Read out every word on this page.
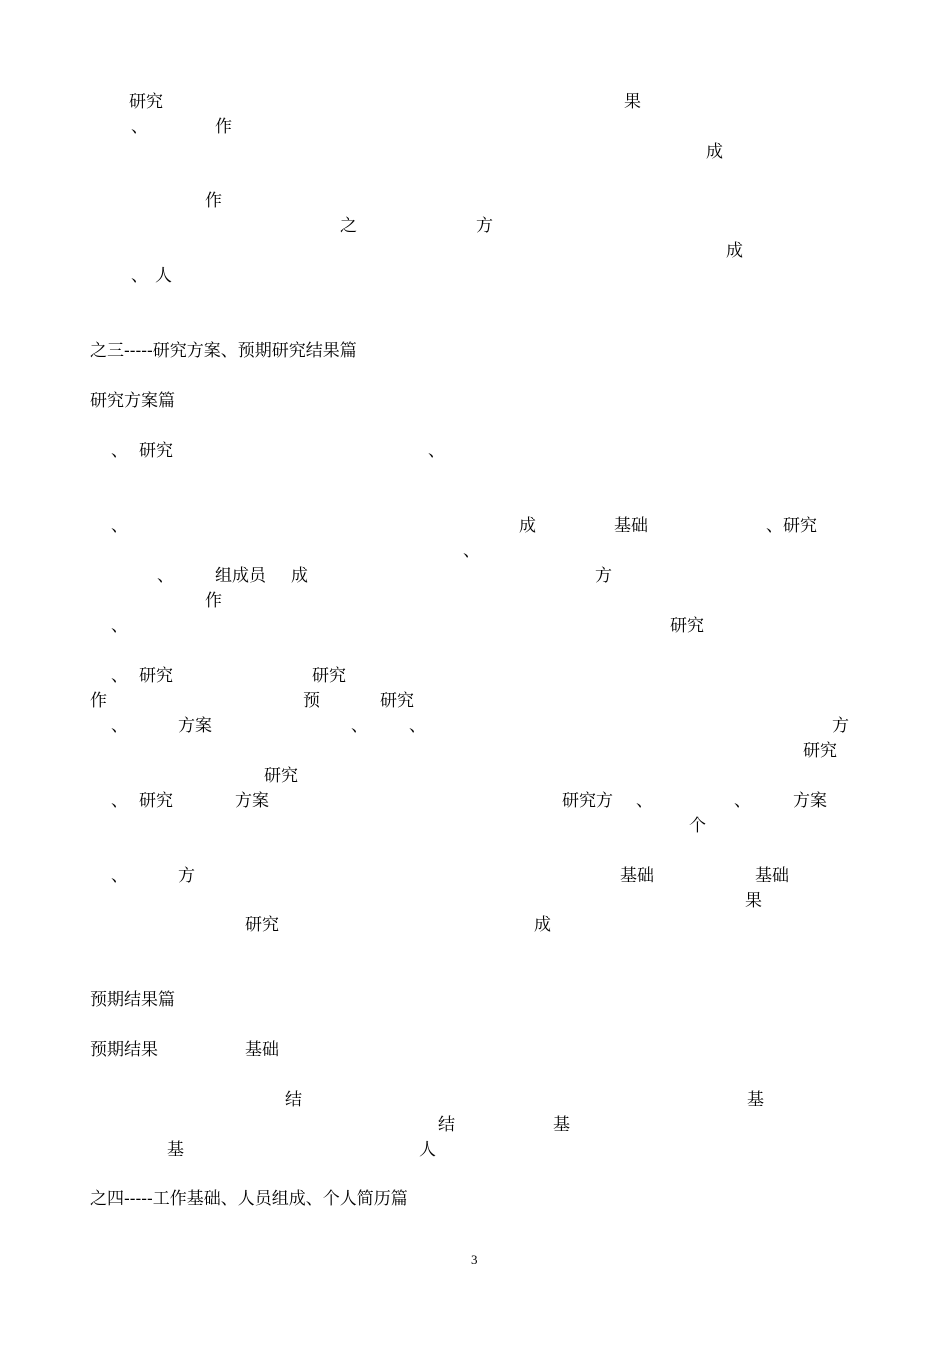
研究	果
、	作
成
作
之	方
成
、 人
之三-----研究方案、预期研究结果篇
研究方案篇
、 研究	、
、	成	基础	、研究
、
、 组成员 成	方
作
、	研究
、 研究	研究
作	预	研究
、	方案	、 、	方
研究
研究
、 研究	方案	研究方 、	、 方案
个
、	方	基础	基础
果
研究	成
预期结果篇
预期结果	基础
结	基
结	基
基	人
之四-----工作基础、人员组成、个人简历篇
3
